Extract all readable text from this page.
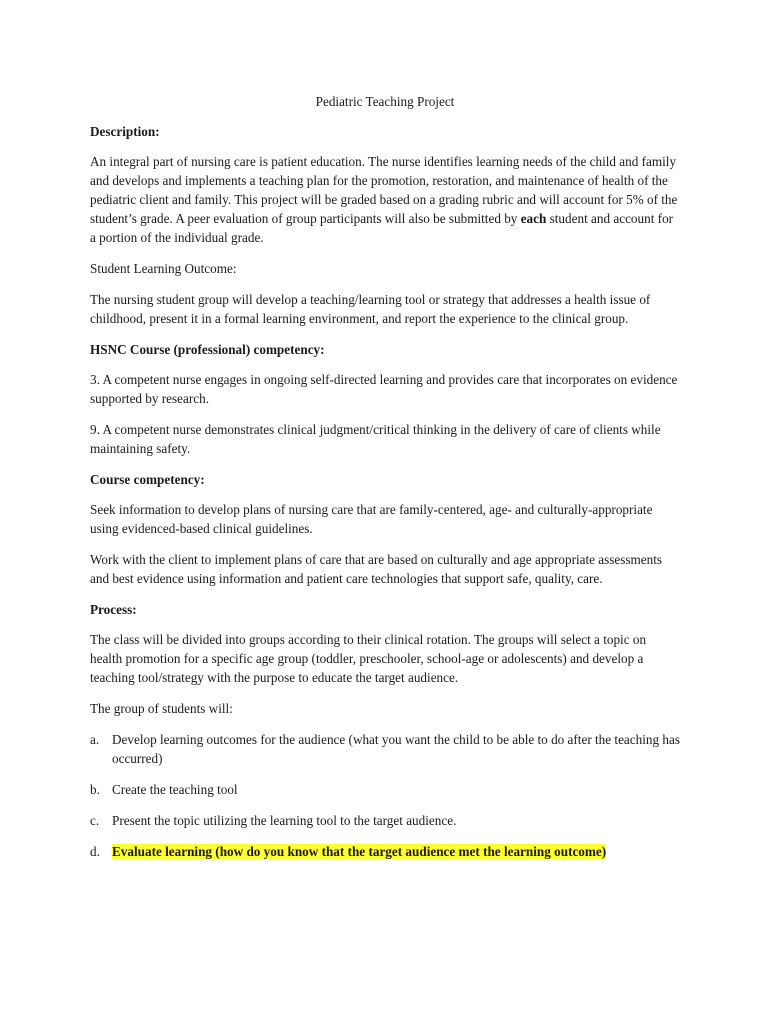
Pediatric Teaching Project
Description:

An integral part of nursing care is patient education. The nurse identifies learning needs of the child and family and develops and implements a teaching plan for the promotion, restoration, and maintenance of health of the pediatric client and family. This project will be graded based on a grading rubric and will account for 5% of the student’s grade. A peer evaluation of group participants will also be submitted by each student and account for a portion of the individual grade.

Student Learning Outcome:

The nursing student group will develop a teaching/learning tool or strategy that addresses a health issue of childhood, present it in a formal learning environment, and report the experience to the clinical group.

HSNC Course (professional) competency:

3. A competent nurse engages in ongoing self-directed learning and provides care that incorporates on evidence supported by research.

9. A competent nurse demonstrates clinical judgment/critical thinking in the delivery of care of clients while maintaining safety.

Course competency:

Seek information to develop plans of nursing care that are family-centered, age- and culturally-appropriate using evidenced-based clinical guidelines.

Work with the client to implement plans of care that are based on culturally and age appropriate assessments and best evidence using information and patient care technologies that support safe, quality, care.

Process:

The class will be divided into groups according to their clinical rotation. The groups will select a topic on health promotion for a specific age group (toddler, preschooler, school-age or adolescents) and develop a teaching tool/strategy with the purpose to educate the target audience.

The group of students will:

a. Develop learning outcomes for the audience (what you want the child to be able to do after the teaching has occurred)
b. Create the teaching tool
c. Present the topic utilizing the learning tool to the target audience.
d. Evaluate learning (how do you know that the target audience met the learning outcome)
